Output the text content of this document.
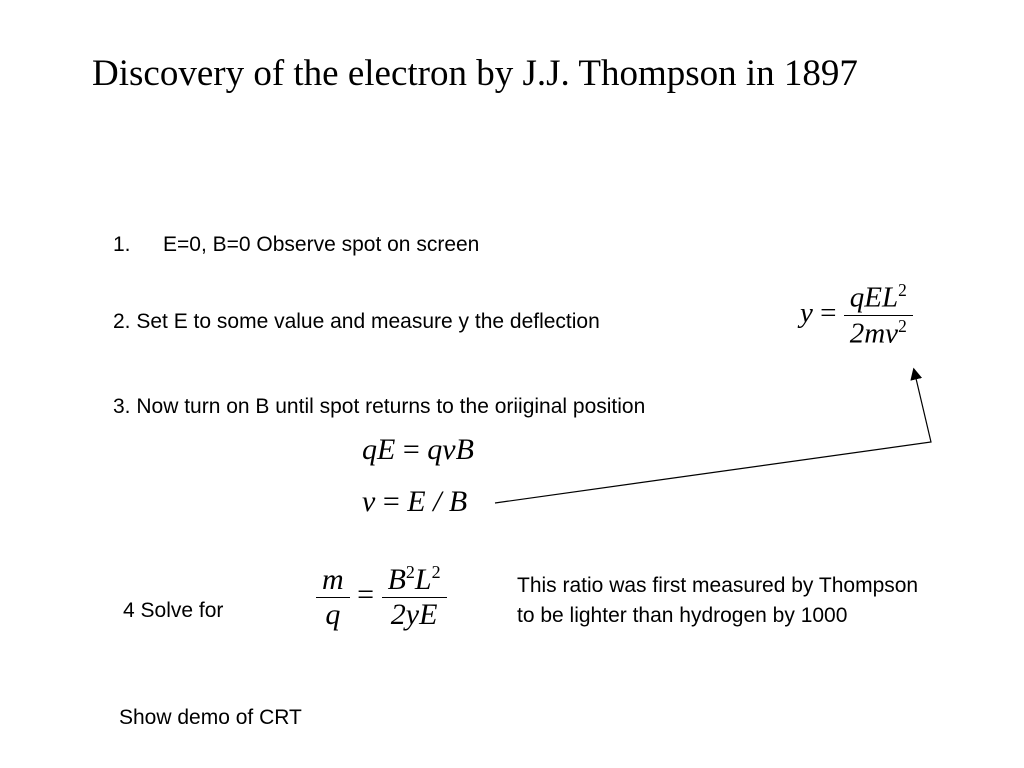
Discovery of the electron by J.J. Thompson in 1897
1. E=0, B=0 Observe spot on screen
2. Set E to some value and measure y the deflection
3. Now turn on B until spot returns to the oriiginal position
4 Solve for
Show demo of CRT
This ratio was first measured by Thompson
to be lighter than hydrogen by 1000
$y = \frac{qEL^2}{2mv^2}$
qE = qvB
v = E / B
$\frac{m}{q} = \frac{B^2L^2}{2yE}$
